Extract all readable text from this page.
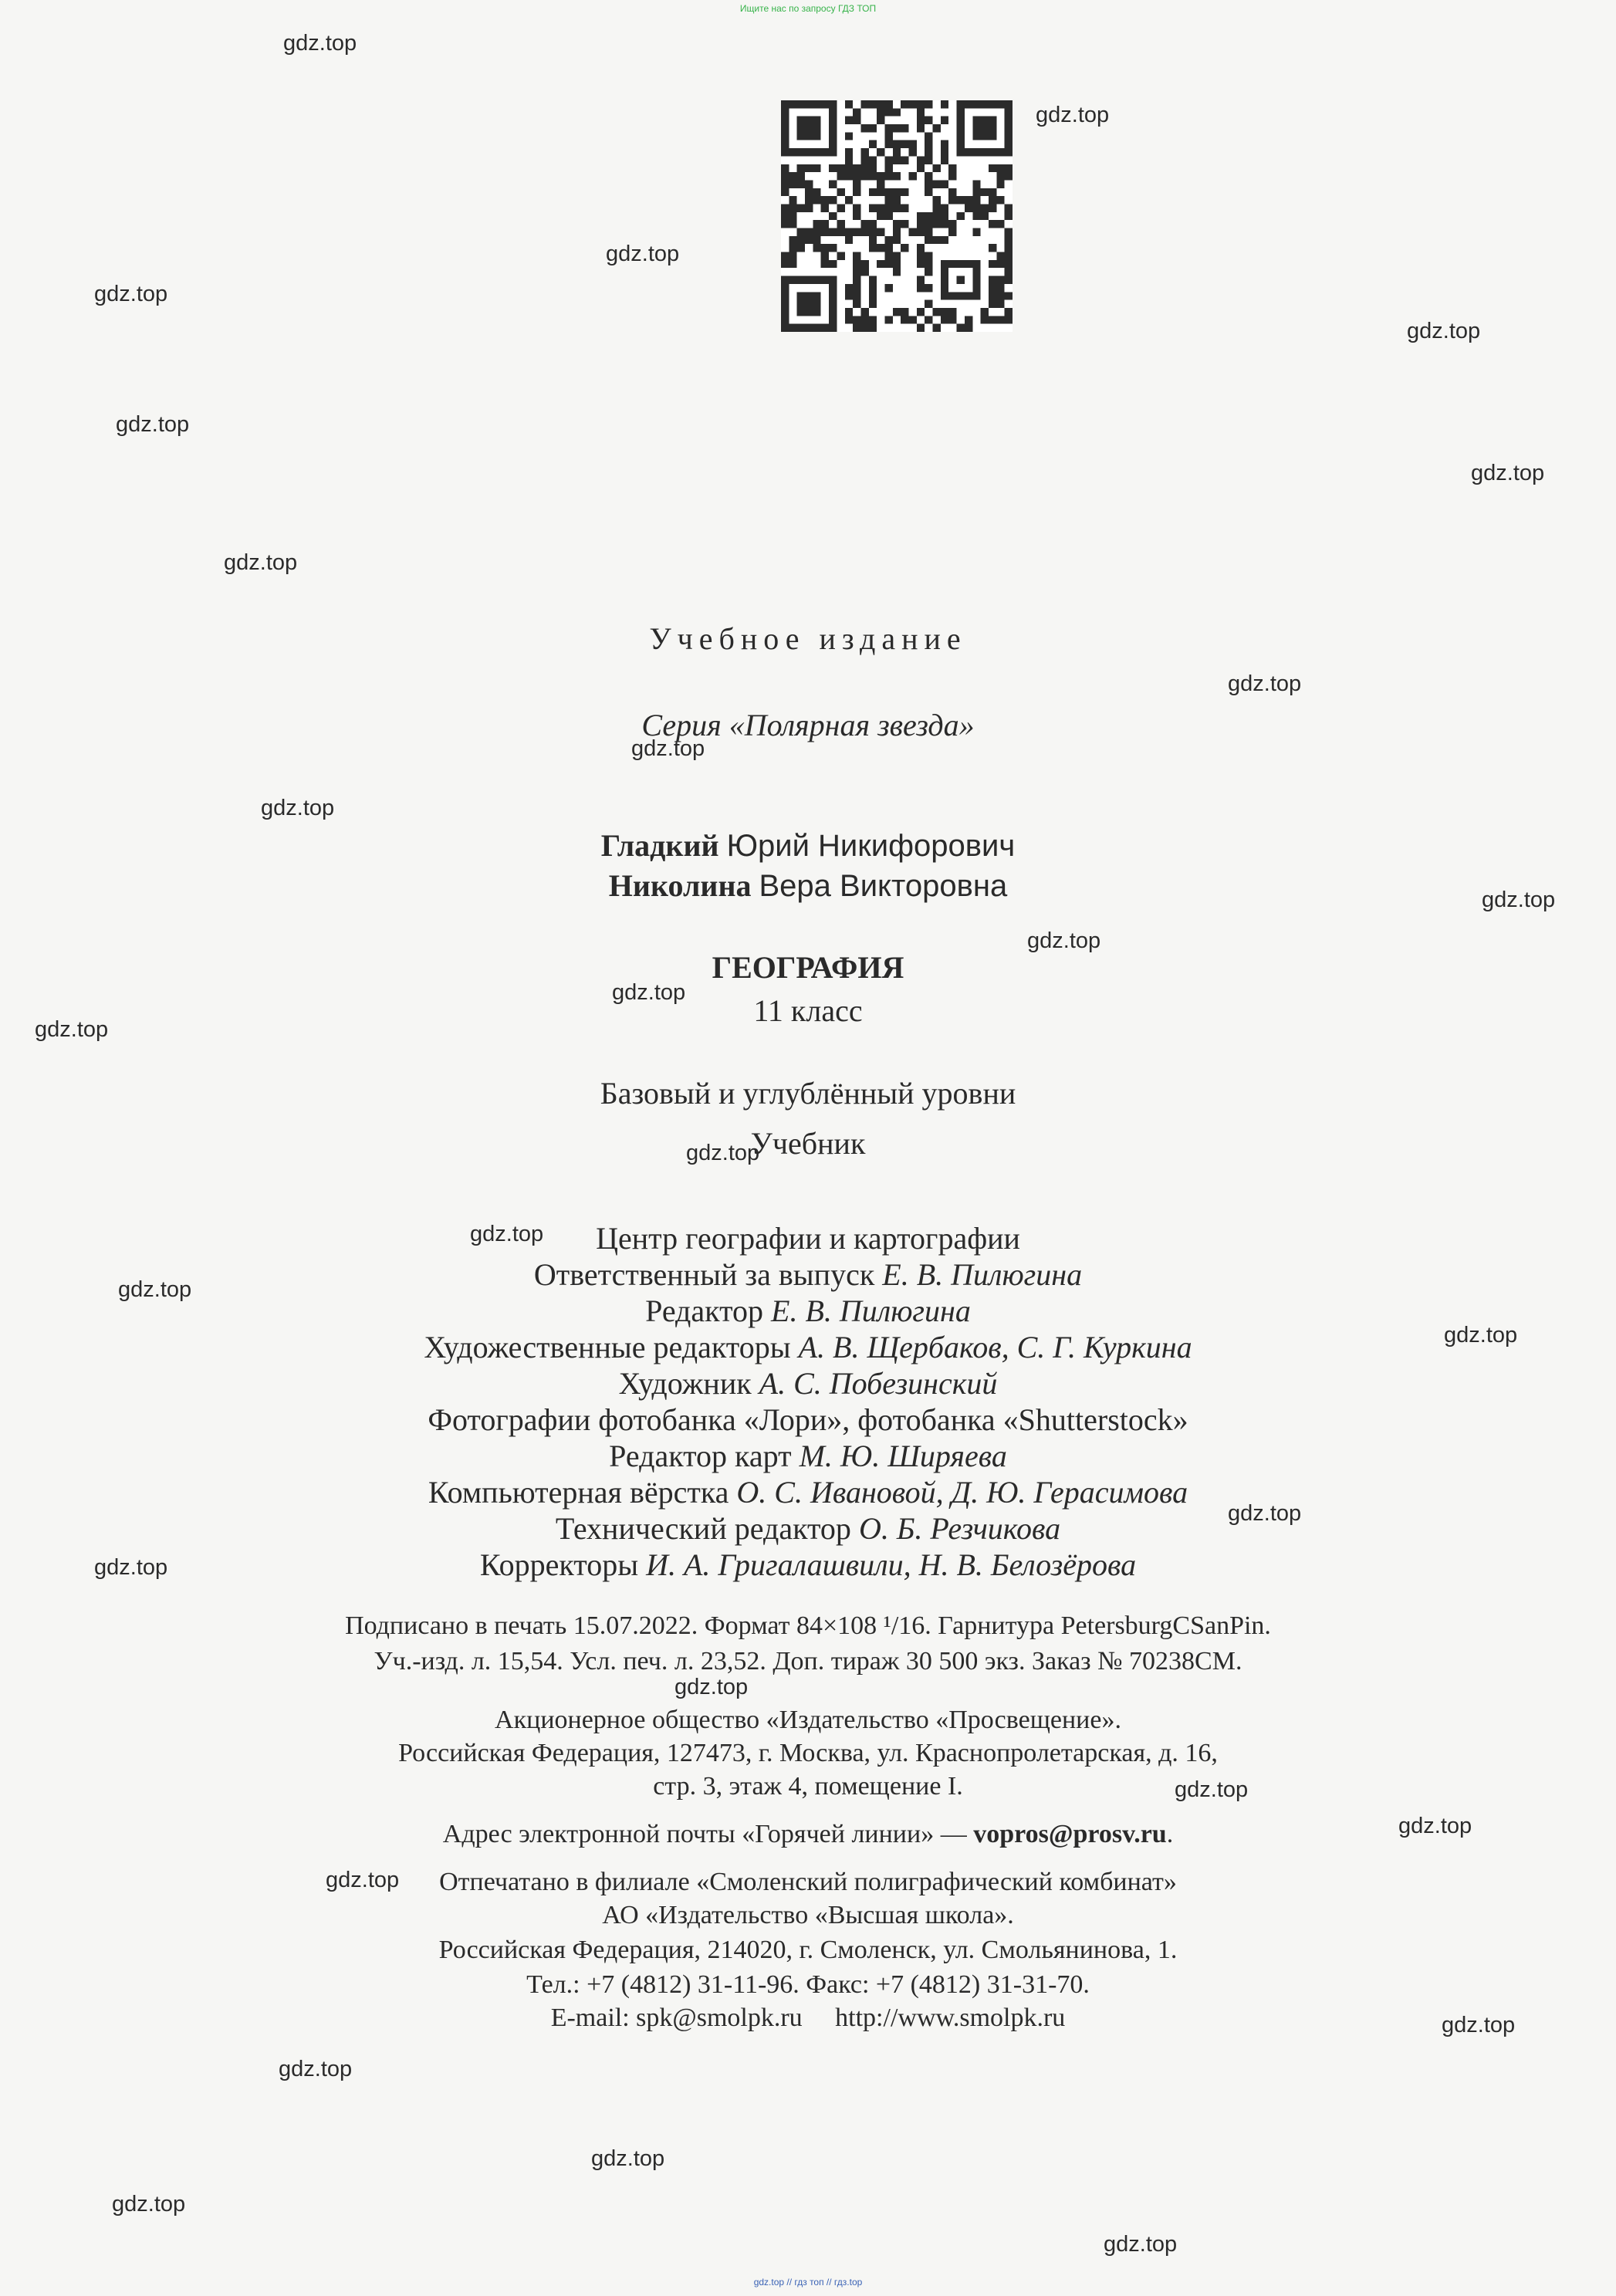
Ищите нас по запросу ГДЗ ТОП
gdz.top
gdz.top
gdz.top
gdz.top
gdz.top
gdz.top
gdz.top
gdz.top
gdz.top
gdz.top
gdz.top
gdz.top
gdz.top
gdz.top
gdz.top
gdz.top
gdz.top
gdz.top
gdz.top
gdz.top
gdz.top
gdz.top
gdz.top
gdz.top
gdz.top
gdz.top
gdz.top
gdz.top
gdz.top
gdz.top
Учебное издание
Серия «Полярная звезда»
Гладкий Юрий Никифорович
Николина Вера Викторовна
ГЕОГРАФИЯ
11 класс
Базовый и углублённый уровни
Учебник
Центр географии и картографии
Ответственный за выпуск Е. В. Пилюгина
Редактор Е. В. Пилюгина
Художественные редакторы А. В. Щербаков, С. Г. Куркина
Художник А. С. Побезинский
Фотографии фотобанка «Лори», фотобанка «Shutterstock»
Редактор карт М. Ю. Ширяева
Компьютерная вёрстка О. С. Ивановой, Д. Ю. Герасимова
Технический редактор О. Б. Резчикова
Корректоры И. А. Григалашвили, Н. В. Белозёрова
Подписано в печать 15.07.2022. Формат 84×108 ¹/16. Гарнитура PetersburgCSanPin.
Уч.-изд. л. 15,54. Усл. печ. л. 23,52. Доп. тираж 30 500 экз. Заказ № 70238СМ.
Акционерное общество «Издательство «Просвещение».
Российская Федерация, 127473, г. Москва, ул. Краснопролетарская, д. 16,
стр. 3, этаж 4, помещение I.
Адрес электронной почты «Горячей линии» — vopros@prosv.ru.
Отпечатано в филиале «Смоленский полиграфический комбинат»
АО «Издательство «Высшая школа».
Российская Федерация, 214020, г. Смоленск, ул. Смольянинова, 1.
Тел.: +7 (4812) 31-11-96. Факс: +7 (4812) 31-31-70.
E-mail: spk@smolpk.ru     http://www.smolpk.ru
gdz.top // гдз топ // гдз.top
